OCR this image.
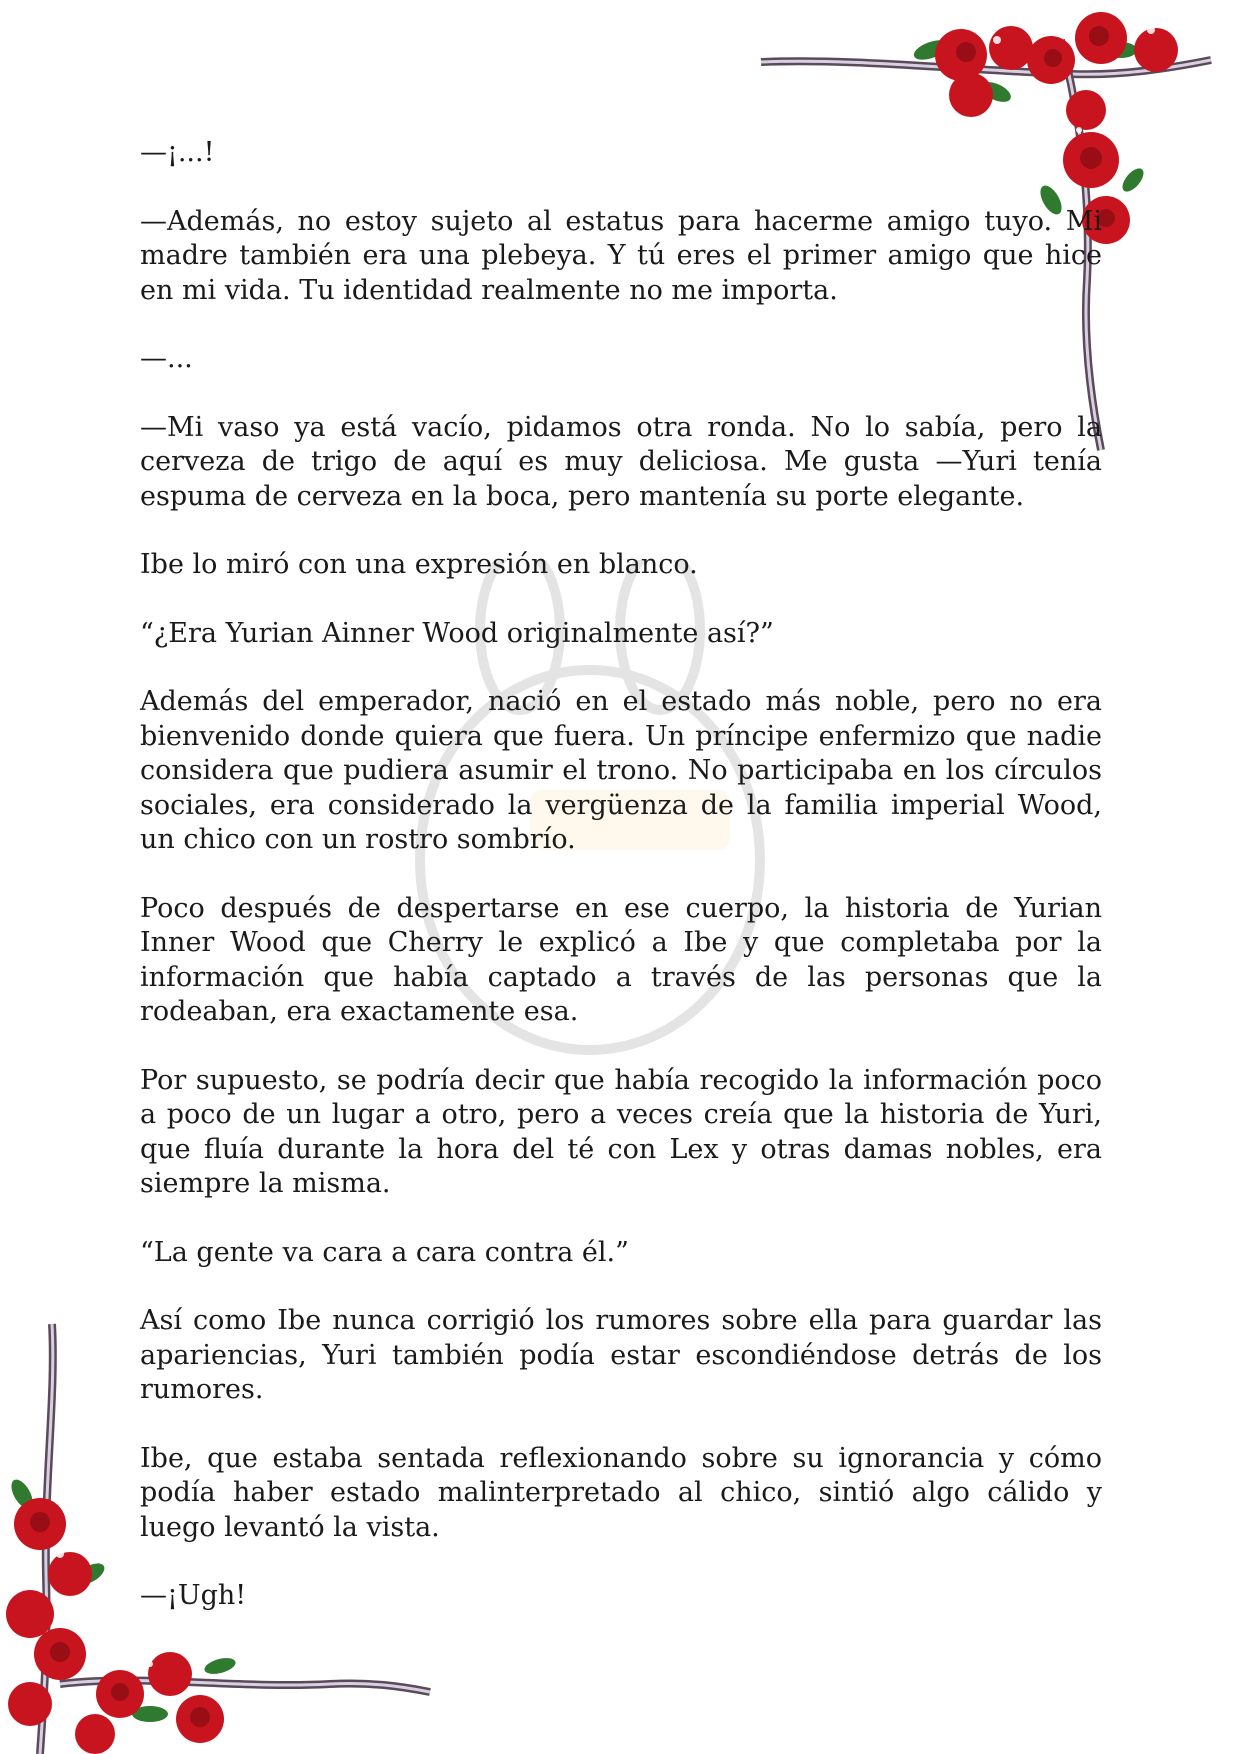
—¡...!

—Además, no estoy sujeto al estatus para hacerme amigo tuyo. Mi madre también era una plebeya. Y tú eres el primer amigo que hice en mi vida. Tu identidad realmente no me importa.

—...

—Mi vaso ya está vacío, pidamos otra ronda. No lo sabía, pero la cerveza de trigo de aquí es muy deliciosa. Me gusta —Yuri tenía espuma de cerveza en la boca, pero mantenía su porte elegante.

Ibe lo miró con una expresión en blanco.

“¿Era Yurian Ainner Wood originalmente así?”

Además del emperador, nació en el estado más noble, pero no era bienvenido donde quiera que fuera. Un príncipe enfermizo que nadie considera que pudiera asumir el trono. No participaba en los círculos sociales, era considerado la vergüenza de la familia imperial Wood, un chico con un rostro sombrío.

Poco después de despertarse en ese cuerpo, la historia de Yurian Inner Wood que Cherry le explicó a Ibe y que completaba por la información que había captado a través de las personas que la rodeaban, era exactamente esa.

Por supuesto, se podría decir que había recogido la información poco a poco de un lugar a otro, pero a veces creía que la historia de Yuri, que fluía durante la hora del té con Lex y otras damas nobles, era siempre la misma.

“La gente va cara a cara contra él.”

Así como Ibe nunca corrigió los rumores sobre ella para guardar las apariencias, Yuri también podía estar escondiéndose detrás de los rumores.

Ibe, que estaba sentada reflexionando sobre su ignorancia y cómo podía haber estado malinterpretado al chico, sintió algo cálido y luego levantó la vista.

—¡Ugh!
